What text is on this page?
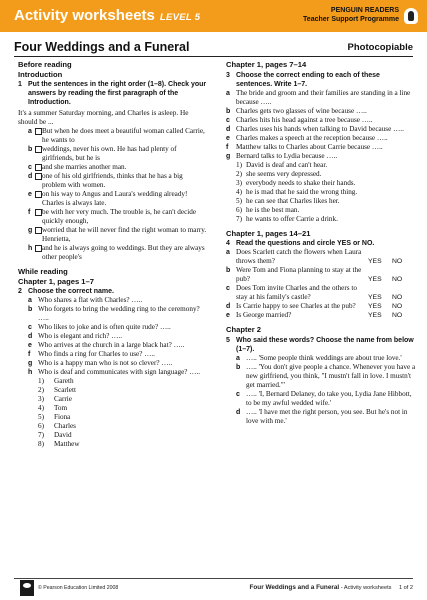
Activity worksheets LEVEL 5
PENGUIN READERS
Teacher Support Programme
Four Weddings and a Funeral	Photocopiable
Before reading
Introduction
1 Put the sentences in the right order (1–8). Check your answers by reading the first paragraph of the Introduction.
It's a summer Saturday morning, and Charles is asleep. He should be ...
a But when he does meet a beautiful woman called Carrie, he wants to
b weddings, never his own. He has had plenty of girlfriends, but he is
c and she marries another man.
d one of his old girlfriends, thinks that he has a big problem with women.
e on his way to Angus and Laura's wedding already! Charles is always late.
f be with her very much. The trouble is, he can't decide quickly enough,
g worried that he will never find the right woman to marry. Henrietta,
h and he is always going to weddings. But they are always other people's
While reading
Chapter 1, pages 1–7
2 Choose the correct name.
a Who shares a flat with Charles? …..
b Who forgets to bring the wedding ring to the ceremony? …..
c Who likes to joke and is often quite rude? …..
d Who is elegant and rich? …..
e Who arrives at the church in a large black hat? …..
f Who finds a ring for Charles to use? …..
g Who is a happy man who is not so clever? …..
h Who is deaf and communicates with sign language? …..
1) Gareth
2) Scarlett
3) Carrie
4) Tom
5) Fiona
6) Charles
7) David
8) Matthew
Chapter 1, pages 7–14
3 Choose the correct ending to each of these sentences. Write 1–7.
a The bride and groom and their families are standing in a line because …..
b Charles gets two glasses of wine because …..
c Charles hits his head against a tree because …..
d Charles uses his hands when talking to David because …..
e Charles makes a speech at the reception because …..
f Matthew talks to Charles about Carrie because …..
g Bernard talks to Lydia because …..
1) David is deaf and can't hear.
2) she seems very depressed.
3) everybody needs to shake their hands.
4) he is mad that he said the wrong thing.
5) he can see that Charles likes her.
6) he is the best man.
7) he wants to offer Carrie a drink.
Chapter 1, pages 14–21
4 Read the questions and circle YES or NO.
a Does Scarlett catch the flowers when Laura throws them?	YES NO
b Were Tom and Fiona planning to stay at the pub?	YES NO
c Does Tom invite Charles and the others to stay at his family's castle?	YES NO
d Is Carrie happy to see Charles at the pub? YES NO
e Is George married?	YES NO
Chapter 2
5 Who said these words? Choose the name from below (1–7).
a ….. 'Some people think weddings are about true love.'
b ….. 'You don't give people a chance. Whenever you have a new girlfriend, you think, "I mustn't fall in love. I mustn't get married."'
c ….. 'I, Bernard Delaney, do take you, Lydia Jane Hibbott, to be my awful wedded wife.'
d ….. 'I have met the right person, you see. But he's not in love with me.'
© Pearson Education Limited 2008	Four Weddings and a Funeral - Activity worksheets 1 of 2
